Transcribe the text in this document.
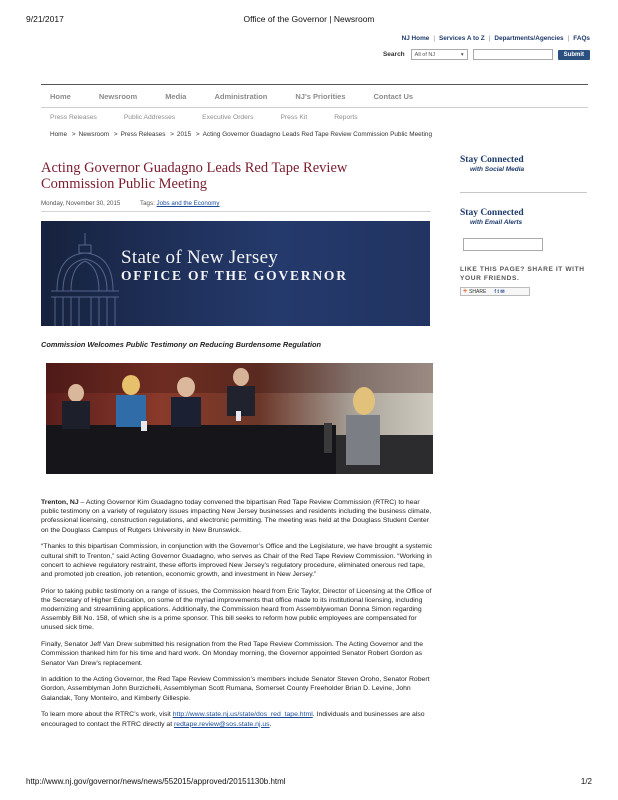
9/21/2017	Office of the Governor | Newsroom
NJ Home | Services A to Z | Departments/Agencies | FAQs
Search All of NJ	▾	Submit
Home	Newsroom	Media	Administration	NJ's Priorities	Contact Us
Press Releases	Public Addresses	Executive Orders	Press Kit	Reports
Home > Newsroom > Press Releases > 2015 > Acting Governor Guadagno Leads Red Tape Review Commission Public Meeting
Acting Governor Guadagno Leads Red Tape Review Commission Public Meeting
Monday, November 30, 2015	Tags: Jobs and the Economy
State of New Jersey
OFFICE OF THE GOVERNOR
Commission Welcomes Public Testimony on Reducing Burdensome Regulation

Trenton, NJ – Acting Governor Kim Guadagno today convened the bipartisan Red Tape Review Commission (RTRC) to hear public testimony on a variety of regulatory issues impacting New Jersey businesses and residents including the business climate, professional licensing, construction regulations, and electronic permitting. The meeting was held at the Douglass Student Center on the Douglass Campus of Rutgers University in New Brunswick.

“Thanks to this bipartisan Commission, in conjunction with the Governor’s Office and the Legislature, we have brought a systemic cultural shift to Trenton,” said Acting Governor Guadagno, who serves as Chair of the Red Tape Review Commission. “Working in concert to achieve regulatory restraint, these efforts improved New Jersey’s regulatory procedure, eliminated onerous red tape, and promoted job creation, job retention, economic growth, and investment in New Jersey.”

Prior to taking public testimony on a range of issues, the Commission heard from Eric Taylor, Director of Licensing at the Office of the Secretary of Higher Education, on some of the myriad improvements that office made to its institutional licensing, including modernizing and streamlining applications. Additionally, the Commission heard from Assemblywoman Donna Simon regarding Assembly Bill No. 158, of which she is a prime sponsor. This bill seeks to reform how public employees are compensated for unused sick time.

Finally, Senator Jeff Van Drew submitted his resignation from the Red Tape Review Commission. The Acting Governor and the Commission thanked him for his time and hard work. On Monday morning, the Governor appointed Senator Robert Gordon as Senator Van Drew’s replacement.

In addition to the Acting Governor, the Red Tape Review Commission’s members include Senator Steven Oroho, Senator Robert Gordon, Assemblyman John Burzichelli, Assemblyman Scott Rumana, Somerset County Freeholder Brian D. Levine, John Galandak, Tony Monteiro, and Kimberly Gillespie.

To learn more about the RTRC’s work, visit http://www.state.nj.us/state/dos_red_tape.html. Individuals and businesses are also encouraged to contact the RTRC directly at redtape.review@sos.state.nj.us.

Stay Connected
with Social Media
Stay Connected
with Email Alerts
LIKE THIS PAGE? SHARE IT WITH YOUR FRIENDS.
+ SHARE f t ✉
http://www.nj.gov/governor/news/news/552015/approved/20151130b.html	1/2
